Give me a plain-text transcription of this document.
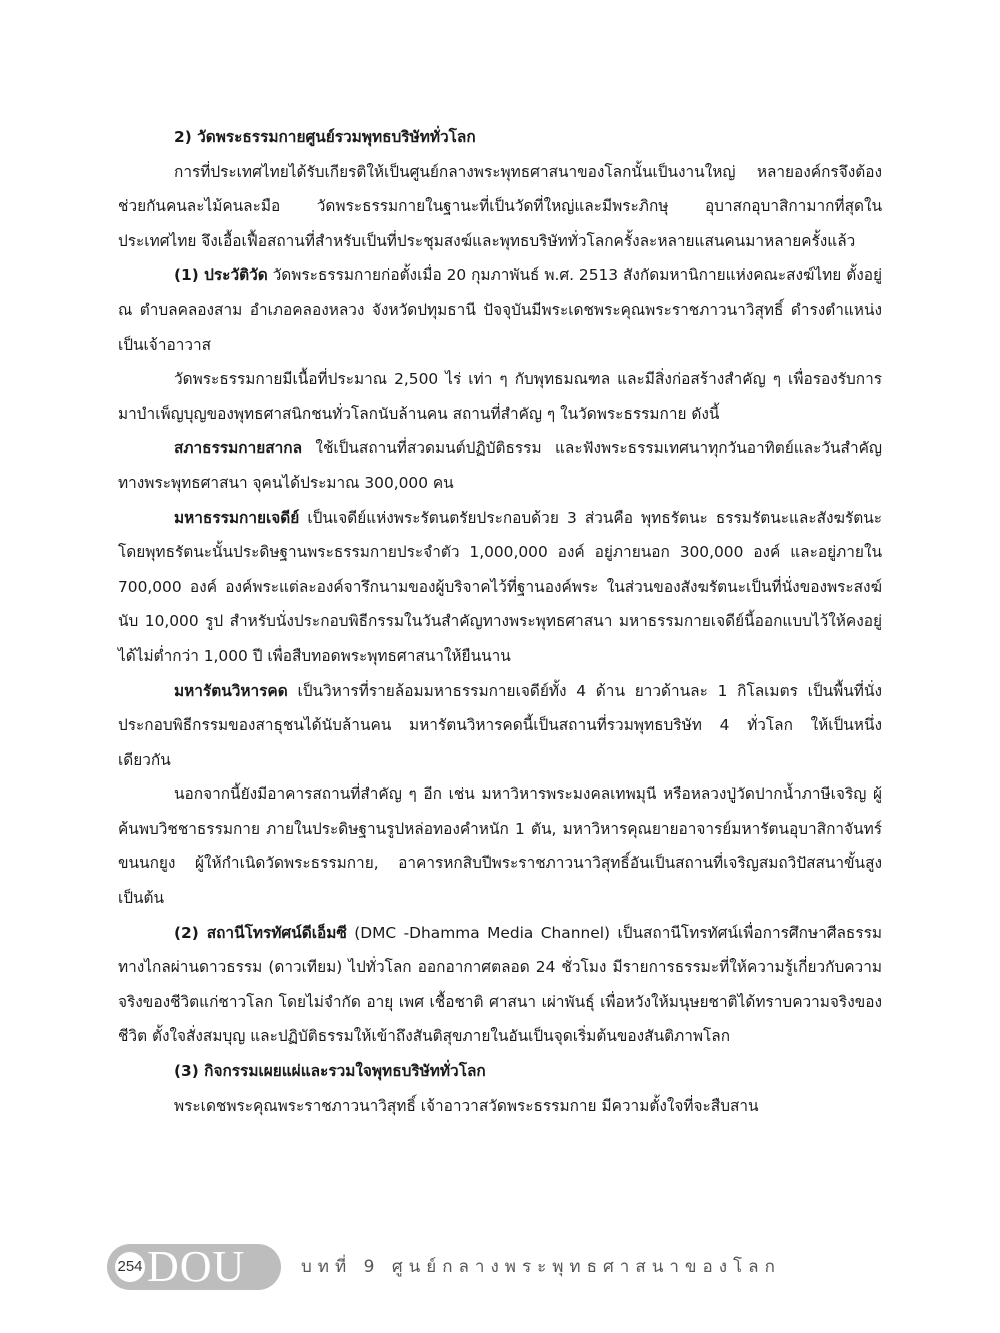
2) วัดพระธรรมกายศูนย์รวมพุทธบริษัททั่วโลก

การที่ประเทศไทยได้รับเกียรติให้เป็นศูนย์กลางพระพุทธศาสนาของโลกนั้นเป็นงานใหญ่ หลายองค์กรจึงต้องช่วยกันคนละไม้คนละมือ วัดพระธรรมกายในฐานะที่เป็นวัดที่ใหญ่และมีพระภิกษุ อุบาสกอุบาสิกามากที่สุดในประเทศไทย จึงเอื้อเฟื้อสถานที่สำหรับเป็นที่ประชุมสงฆ์และพุทธบริษัททั่วโลกครั้งละหลายแสนคนมาหลายครั้งแล้ว

(1) ประวัติวัด วัดพระธรรมกายก่อตั้งเมื่อ 20 กุมภาพันธ์ พ.ศ. 2513 สังกัดมหานิกายแห่งคณะสงฆ์ไทย ตั้งอยู่ ณ ตำบลคลองสาม อำเภอคลองหลวง จังหวัดปทุมธานี ปัจจุบันมีพระเดชพระคุณพระราชภาวนาวิสุทธิ์ ดำรงตำแหน่งเป็นเจ้าอาวาส

วัดพระธรรมกายมีเนื้อที่ประมาณ 2,500 ไร่ เท่า ๆ กับพุทธมณฑล และมีสิ่งก่อสร้างสำคัญ ๆ เพื่อรองรับการมาบำเพ็ญบุญของพุทธศาสนิกชนทั่วโลกนับล้านคน สถานที่สำคัญ ๆ ในวัดพระธรรมกาย ดังนี้

สภาธรรมกายสากล ใช้เป็นสถานที่สวดมนต์ปฏิบัติธรรม และฟังพระธรรมเทศนาทุกวันอาทิตย์และวันสำคัญทางพระพุทธศาสนา จุคนได้ประมาณ 300,000 คน

มหาธรรมกายเจดีย์ เป็นเจดีย์แห่งพระรัตนตรัยประกอบด้วย 3 ส่วนคือ พุทธรัตนะ ธรรมรัตนะและสังฆรัตนะ โดยพุทธรัตนะนั้นประดิษฐานพระธรรมกายประจำตัว 1,000,000 องค์ อยู่ภายนอก 300,000 องค์ และอยู่ภายใน 700,000 องค์ องค์พระแต่ละองค์จารึกนามของผู้บริจาคไว้ที่ฐานองค์พระ ในส่วนของสังฆรัตนะเป็นที่นั่งของพระสงฆ์นับ 10,000 รูป สำหรับนั่งประกอบพิธีกรรมในวันสำคัญทางพระพุทธศาสนา มหาธรรมกายเจดีย์นี้ออกแบบไว้ให้คงอยู่ได้ไม่ต่ำกว่า 1,000 ปี เพื่อสืบทอดพระพุทธศาสนาให้ยืนนาน

มหารัตนวิหารคด เป็นวิหารที่รายล้อมมหาธรรมกายเจดีย์ทั้ง 4 ด้าน ยาวด้านละ 1 กิโลเมตร เป็นพื้นที่นั่งประกอบพิธีกรรมของสาธุชนได้นับล้านคน มหารัตนวิหารคดนี้เป็นสถานที่รวมพุทธบริษัท 4 ทั่วโลก ให้เป็นหนึ่งเดียวกัน

นอกจากนี้ยังมีอาคารสถานที่สำคัญ ๆ อีก เช่น มหาวิหารพระมงคลเทพมุนี หรือหลวงปู่วัดปากน้ำภาษีเจริญ ผู้ค้นพบวิชชาธรรมกาย ภายในประดิษฐานรูปหล่อทองคำหนัก 1 ตัน, มหาวิหารคุณยายอาจารย์มหารัตนอุบาสิกาจันทร์ ขนนกยูง ผู้ให้กำเนิดวัดพระธรรมกาย, อาคารหกสิบปีพระราชภาวนาวิสุทธิ์อันเป็นสถานที่เจริญสมถวิปัสสนาขั้นสูง เป็นต้น

(2) สถานีโทรทัศน์ดีเอ็มซี (DMC -Dhamma Media Channel) เป็นสถานีโทรทัศน์เพื่อการศึกษาศีลธรรมทางไกลผ่านดาวธรรม (ดาวเทียม) ไปทั่วโลก ออกอากาศตลอด 24 ชั่วโมง มีรายการธรรมะที่ให้ความรู้เกี่ยวกับความจริงของชีวิตแก่ชาวโลก โดยไม่จำกัด อายุ เพศ เชื้อชาติ ศาสนา เผ่าพันธุ์ เพื่อหวังให้มนุษยชาติได้ทราบความจริงของชีวิต ตั้งใจสั่งสมบุญ และปฏิบัติธรรมให้เข้าถึงสันติสุขภายในอันเป็นจุดเริ่มต้นของสันติภาพโลก

(3) กิจกรรมเผยแผ่และรวมใจพุทธบริษัททั่วโลก

พระเดชพระคุณพระราชภาวนาวิสุทธิ์ เจ้าอาวาสวัดพระธรรมกาย มีความตั้งใจที่จะสืบสาน

254 DOU	บทที่ 9 ศูนย์กลางพระพุทธศาสนาของโลก
